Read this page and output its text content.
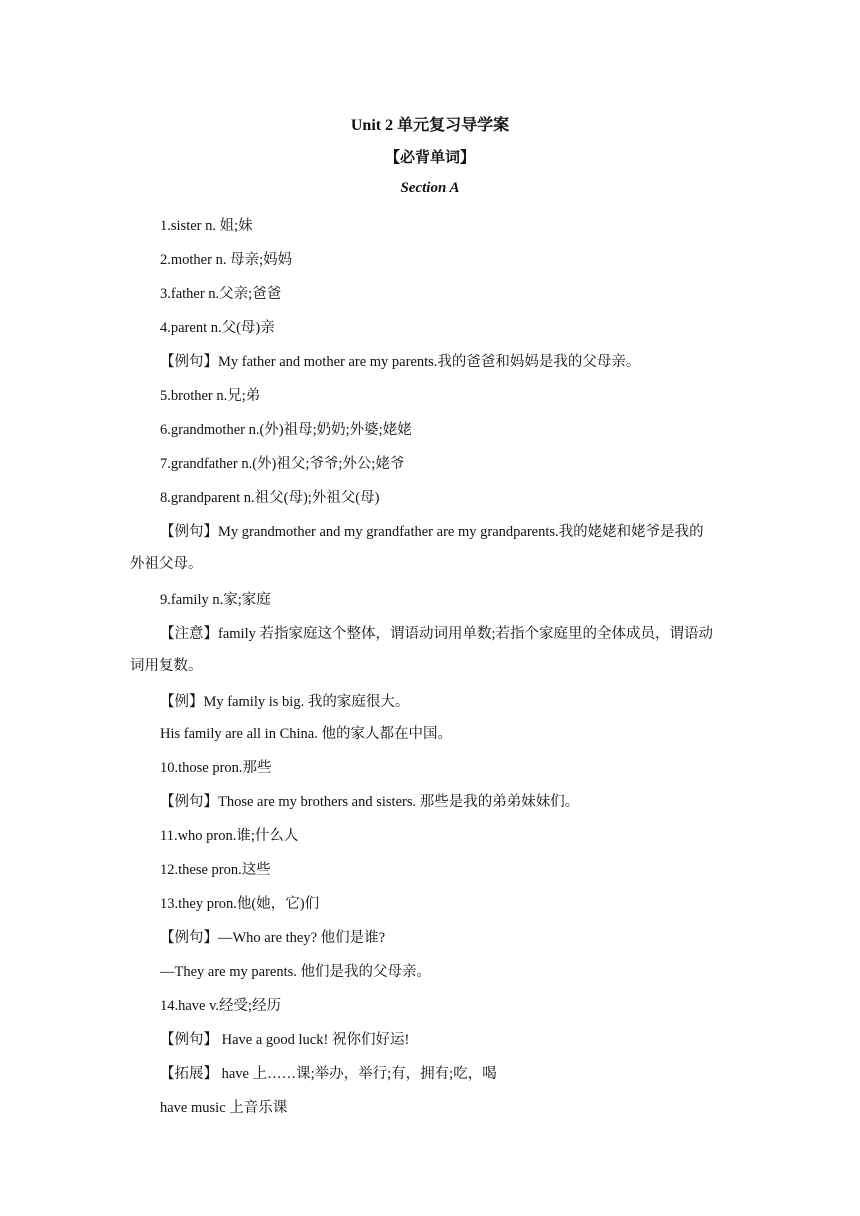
Unit 2 单元复习导学案
【必背单词】
Section A
1.sister n. 姐;妹
2.mother n. 母亲;妈妈
3.father n.父亲;爸爸
4.parent n.父(母)亲
【例句】My father and mother are my parents.我的爸爸和妈妈是我的父母亲。
5.brother n.兄;弟
6.grandmother n.(外)祖母;奶奶;外婆;姥姥
7.grandfather n.(外)祖父;爷爷;外公;姥爷
8.grandparent n.祖父(母);外祖父(母)
【例句】My grandmother and my grandfather are my grandparents.我的姥姥和姥爷是我的
外祖父母。
9.family n.家;家庭
【注意】family 若指家庭这个整体，谓语动词用单数;若指个家庭里的全体成员，谓语动
词用复数。
【例】My family is big. 我的家庭很大。
His family are all in China. 他的家人都在中国。
10.those pron.那些
【例句】Those are my brothers and sisters. 那些是我的弟弟妹妹们。
11.who pron.谁;什么人
12.these pron.这些
13.they pron.他(她，它)们
【例句】—Who are they? 他们是谁?
—They are my parents. 他们是我的父母亲。
14.have v.经受;经历
【例句】 Have a good luck! 祝你们好运!
【拓展】 have 上……课;举办，举行;有，拥有;吃，喝
have music 上音乐课
